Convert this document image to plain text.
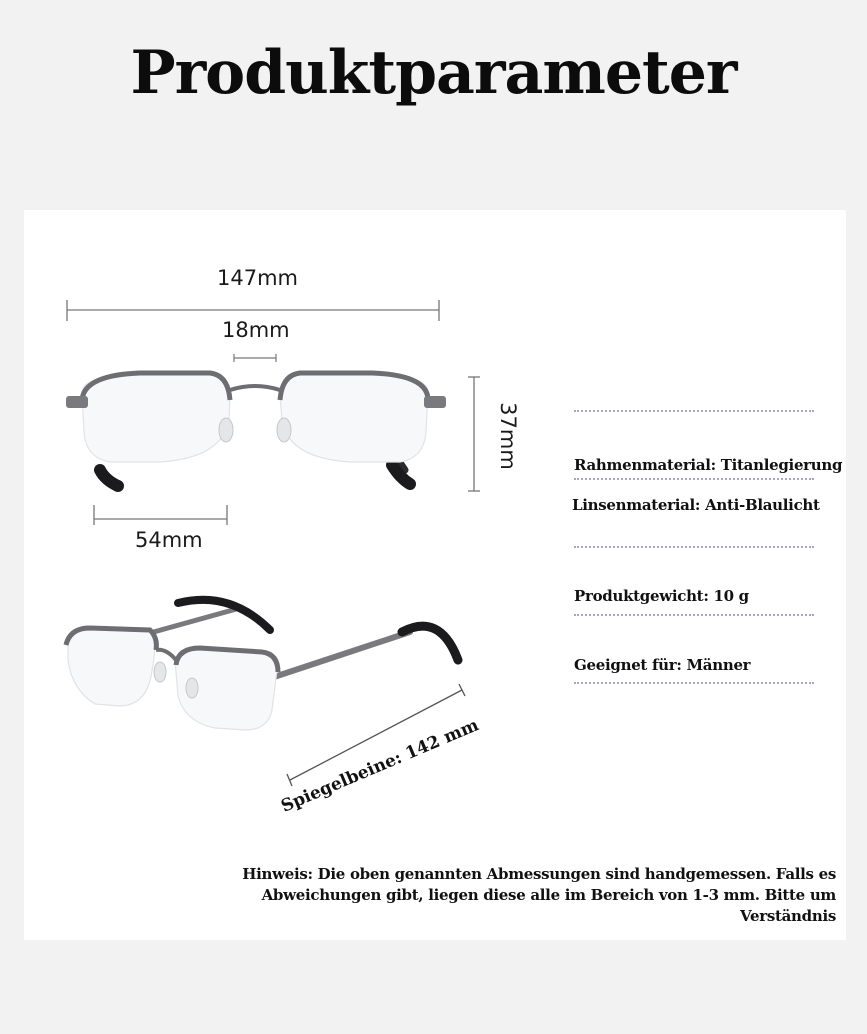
Produktparameter
147mm
18mm
54mm
37mm
Spiegelbeine: 142 mm
Rahmenmaterial: Titanlegierung
Linsenmaterial: Anti-Blaulicht
Produktgewicht: 10 g
Geeignet für: Männer
Hinweis: Die oben genannten Abmessungen sind handgemessen. Falls es Abweichungen gibt, liegen diese alle im Bereich von 1-3 mm. Bitte um Verständnis
